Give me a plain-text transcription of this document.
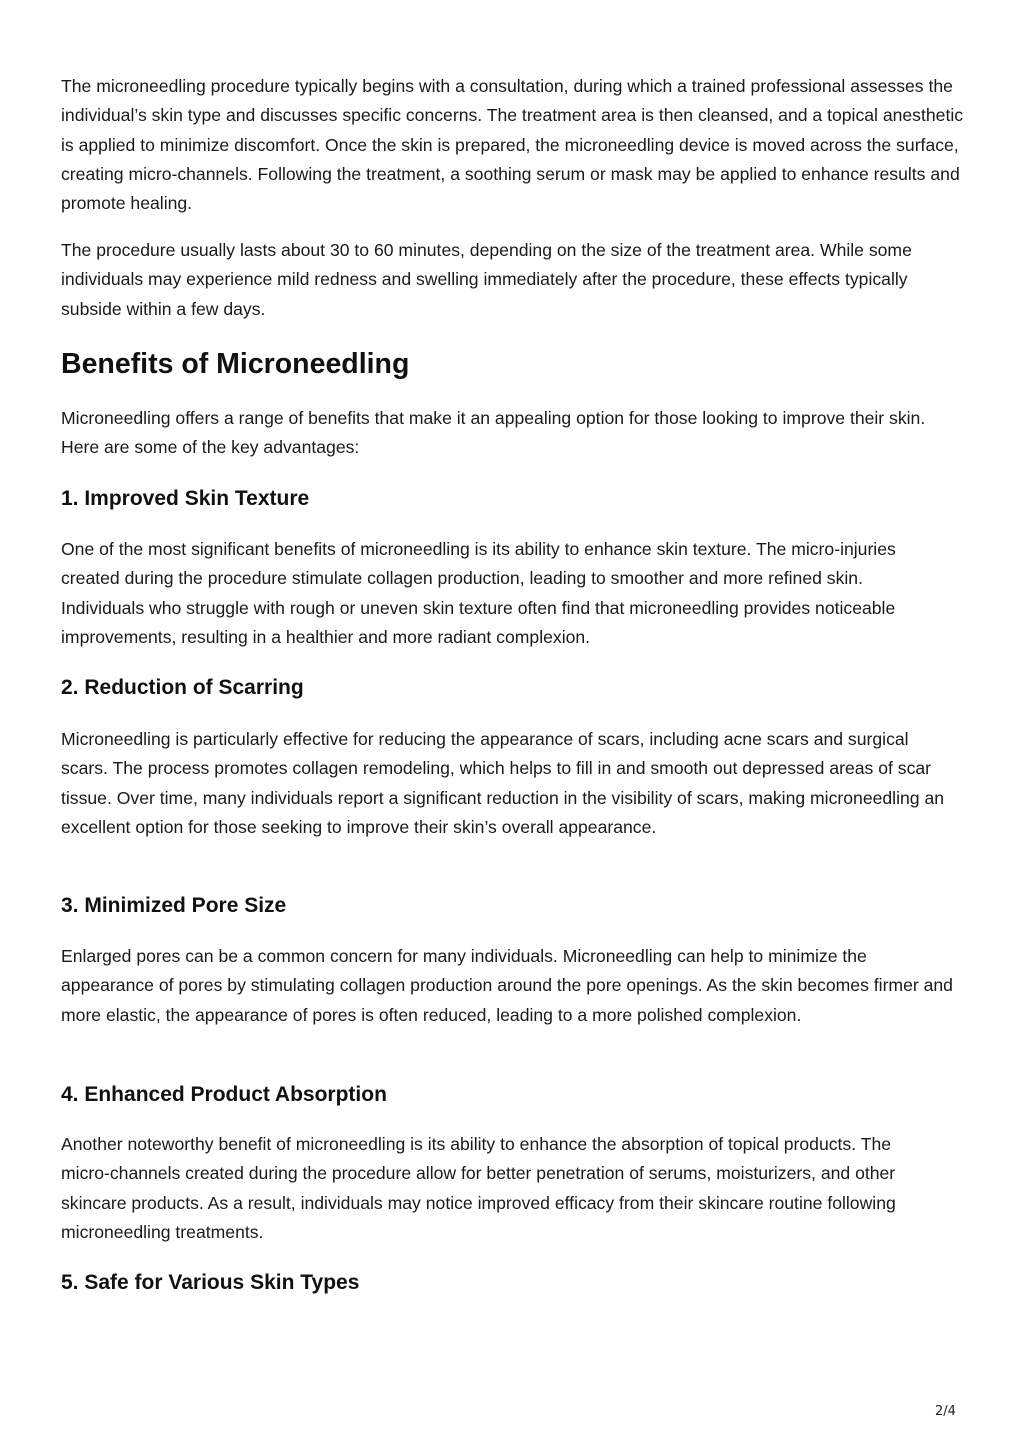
The microneedling procedure typically begins with a consultation, during which a trained professional assesses the individual’s skin type and discusses specific concerns. The treatment area is then cleansed, and a topical anesthetic is applied to minimize discomfort. Once the skin is prepared, the microneedling device is moved across the surface, creating micro-channels. Following the treatment, a soothing serum or mask may be applied to enhance results and promote healing.

The procedure usually lasts about 30 to 60 minutes, depending on the size of the treatment area. While some individuals may experience mild redness and swelling immediately after the procedure, these effects typically subside within a few days.

Benefits of Microneedling

Microneedling offers a range of benefits that make it an appealing option for those looking to improve their skin. Here are some of the key advantages:

1. Improved Skin Texture

One of the most significant benefits of microneedling is its ability to enhance skin texture. The micro-injuries created during the procedure stimulate collagen production, leading to smoother and more refined skin. Individuals who struggle with rough or uneven skin texture often find that microneedling provides noticeable improvements, resulting in a healthier and more radiant complexion.

2. Reduction of Scarring

Microneedling is particularly effective for reducing the appearance of scars, including acne scars and surgical scars. The process promotes collagen remodeling, which helps to fill in and smooth out depressed areas of scar tissue. Over time, many individuals report a significant reduction in the visibility of scars, making microneedling an excellent option for those seeking to improve their skin’s overall appearance.

3. Minimized Pore Size

Enlarged pores can be a common concern for many individuals. Microneedling can help to minimize the appearance of pores by stimulating collagen production around the pore openings. As the skin becomes firmer and more elastic, the appearance of pores is often reduced, leading to a more polished complexion.

4. Enhanced Product Absorption

Another noteworthy benefit of microneedling is its ability to enhance the absorption of topical products. The micro-channels created during the procedure allow for better penetration of serums, moisturizers, and other skincare products. As a result, individuals may notice improved efficacy from their skincare routine following microneedling treatments.

5. Safe for Various Skin Types
2/4
